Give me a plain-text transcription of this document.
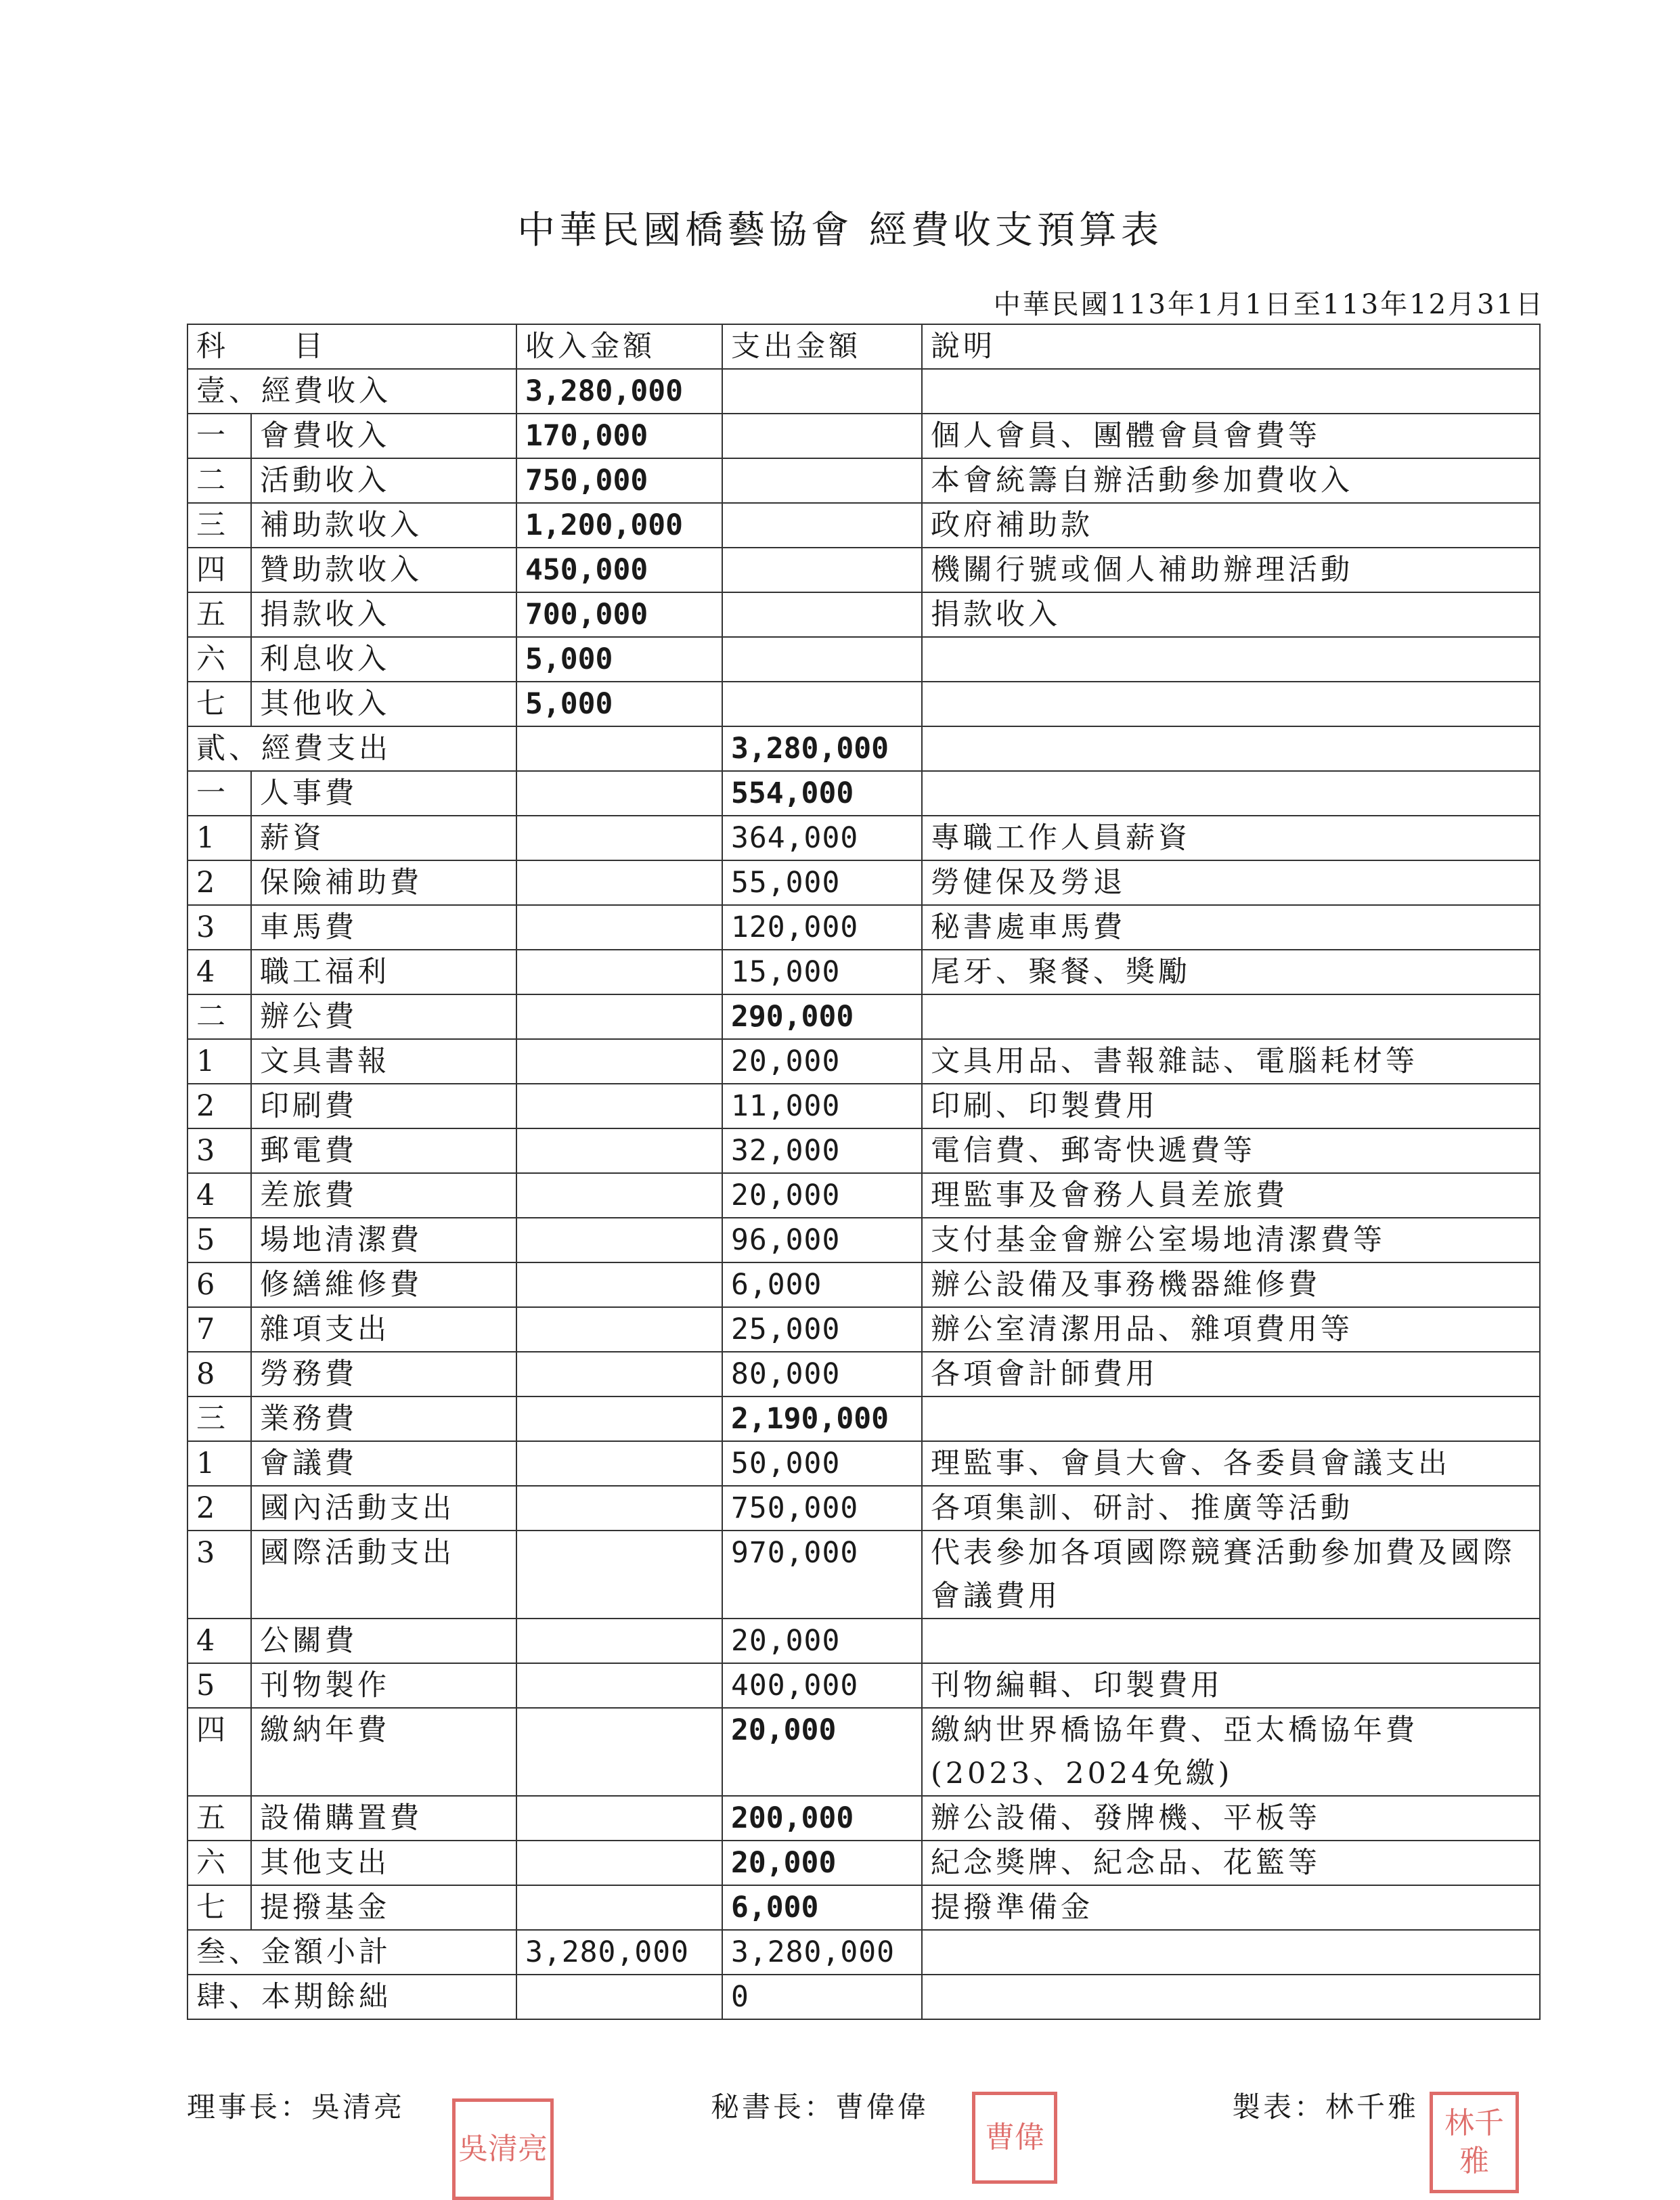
中華民國橋藝協會 經費收支預算表
中華民國113年1月1日至113年12月31日
科　　目		收入金額	支出金額	說明
壹、經費收入		3,280,000		
一	會費收入	170,000		個人會員、團體會員會費等
二	活動收入	750,000		本會統籌自辦活動參加費收入
三	補助款收入	1,200,000		政府補助款
四	贊助款收入	450,000		機關行號或個人補助辦理活動
五	捐款收入	700,000		捐款收入
六	利息收入	5,000		
七	其他收入	5,000		
貳、經費支出			3,280,000	
一	人事費		554,000	
1	薪資		364,000	專職工作人員薪資
2	保險補助費		55,000	勞健保及勞退
3	車馬費		120,000	秘書處車馬費
4	職工福利		15,000	尾牙、聚餐、獎勵
二	辦公費		290,000	
1	文具書報		20,000	文具用品、書報雜誌、電腦耗材等
2	印刷費		11,000	印刷、印製費用
3	郵電費		32,000	電信費、郵寄快遞費等
4	差旅費		20,000	理監事及會務人員差旅費
5	場地清潔費		96,000	支付基金會辦公室場地清潔費等
6	修繕維修費		6,000	辦公設備及事務機器維修費
7	雜項支出		25,000	辦公室清潔用品、雜項費用等
8	勞務費		80,000	各項會計師費用
三	業務費		2,190,000	
1	會議費		50,000	理監事、會員大會、各委員會議支出
2	國內活動支出		750,000	各項集訓、研討、推廣等活動
3	國際活動支出		970,000	代表參加各項國際競賽活動參加費及國際會議費用
4	公關費		20,000	
5	刊物製作		400,000	刊物編輯、印製費用
四	繳納年費		20,000	繳納世界橋協年費、亞太橋協年費(2023、2024免繳)
五	設備購置費		200,000	辦公設備、發牌機、平板等
六	其他支出		20,000	紀念獎牌、紀念品、花籃等
七	提撥基金		6,000	提撥準備金
叁、金額小計		3,280,000	3,280,000	
肆、本期餘絀			0	
理事長：吳清亮
吳清亮
秘書長：曹偉偉
曹偉
製表：林千雅 林千雅
